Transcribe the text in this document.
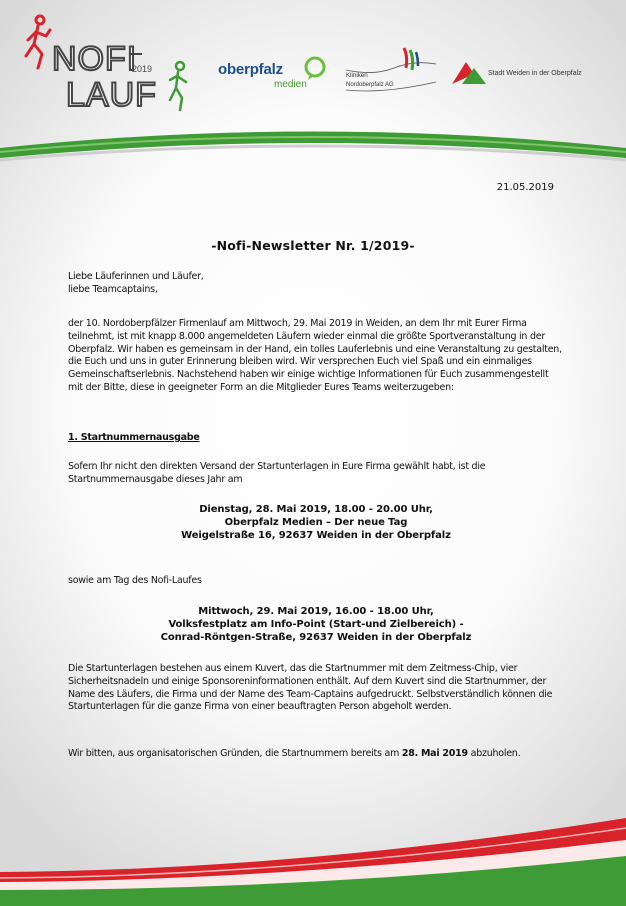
NOFI
2019
LAUF
oberpfalz
medien
Kliniken
Nordoberpfalz AG
Stadt Weiden in der Oberpfalz
21.05.2019
-Nofi-Newsletter Nr. 1/2019-

Liebe Läuferinnen und Läufer,

liebe Teamcaptains,

der 10. Nordoberpfälzer Firmenlauf am Mittwoch, 29. Mai 2019 in Weiden, an dem Ihr mit Eurer Firma teilnehmt, ist mit knapp 8.000 angemeldeten Läufern wieder einmal die größte Sportveranstaltung in der Oberpfalz. Wir haben es gemeinsam in der Hand, ein tolles Lauferlebnis und eine Veranstaltung zu gestalten, die Euch und uns in guter Erinnerung bleiben wird. Wir versprechen Euch viel Spaß und ein einmaliges Gemeinschaftserlebnis. Nachstehend haben wir einige wichtige Informationen für Euch zusammengestellt mit der Bitte, diese in geeigneter Form an die Mitglieder Eures Teams weiterzugeben:

1. Startnummernausgabe

Sofern Ihr nicht den direkten Versand der Startunterlagen in Eure Firma gewählt habt, ist die Startnummernausgabe dieses Jahr am

Dienstag, 28. Mai 2019, 18.00 - 20.00 Uhr,

Oberpfalz Medien – Der neue Tag

Weigelstraße 16, 92637 Weiden in der Oberpfalz

sowie am Tag des Nofi-Laufes

Mittwoch, 29. Mai 2019, 16.00 - 18.00 Uhr,

Volksfestplatz am Info-Point (Start-und Zielbereich) -

Conrad-Röntgen-Straße, 92637 Weiden in der Oberpfalz

Die Startunterlagen bestehen aus einem Kuvert, das die Startnummer mit dem Zeitmess-Chip, vier Sicherheitsnadeln und einige Sponsoreninformationen enthält. Auf dem Kuvert sind die Startnummer, der Name des Läufers, die Firma und der Name des Team-Captains aufgedruckt. Selbstverständlich können die Startunterlagen für die ganze Firma von einer beauftragten Person abgeholt werden.

Wir bitten, aus organisatorischen Gründen, die Startnummern bereits am 28. Mai 2019 abzuholen.
